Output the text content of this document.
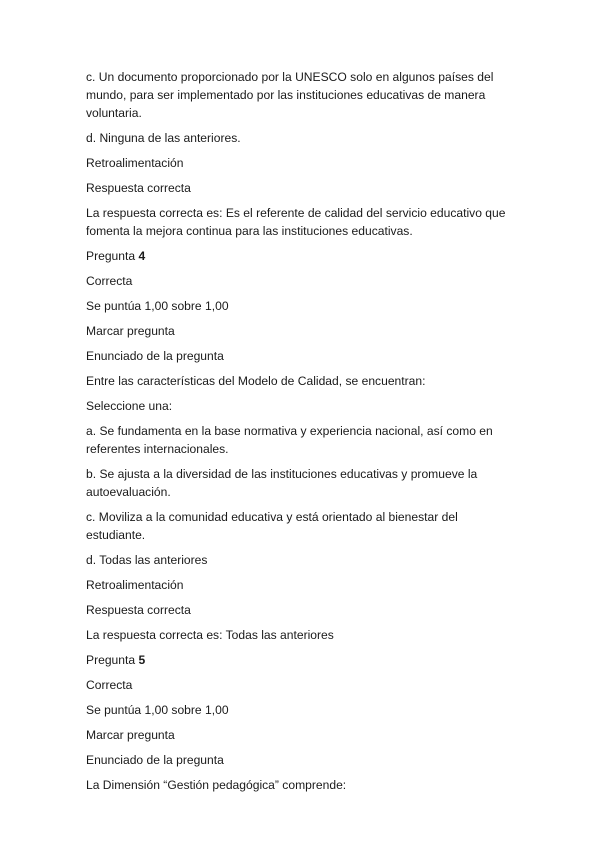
c. Un documento proporcionado por la UNESCO solo en algunos países del mundo, para ser implementado por las instituciones educativas de manera voluntaria.

d. Ninguna de las anteriores.

Retroalimentación

Respuesta correcta

La respuesta correcta es: Es el referente de calidad del servicio educativo que fomenta la mejora continua para las instituciones educativas.

Pregunta 4

Correcta

Se puntúa 1,00 sobre 1,00

Marcar pregunta

Enunciado de la pregunta

Entre las características del Modelo de Calidad, se encuentran:

Seleccione una:

a. Se fundamenta en la base normativa y experiencia nacional, así como en referentes internacionales.

b. Se ajusta a la diversidad de las instituciones educativas y promueve la autoevaluación.

c. Moviliza a la comunidad educativa y está orientado al bienestar del estudiante.

d. Todas las anteriores

Retroalimentación

Respuesta correcta

La respuesta correcta es: Todas las anteriores

Pregunta 5

Correcta

Se puntúa 1,00 sobre 1,00

Marcar pregunta

Enunciado de la pregunta

La Dimensión “Gestión pedagógica” comprende:
